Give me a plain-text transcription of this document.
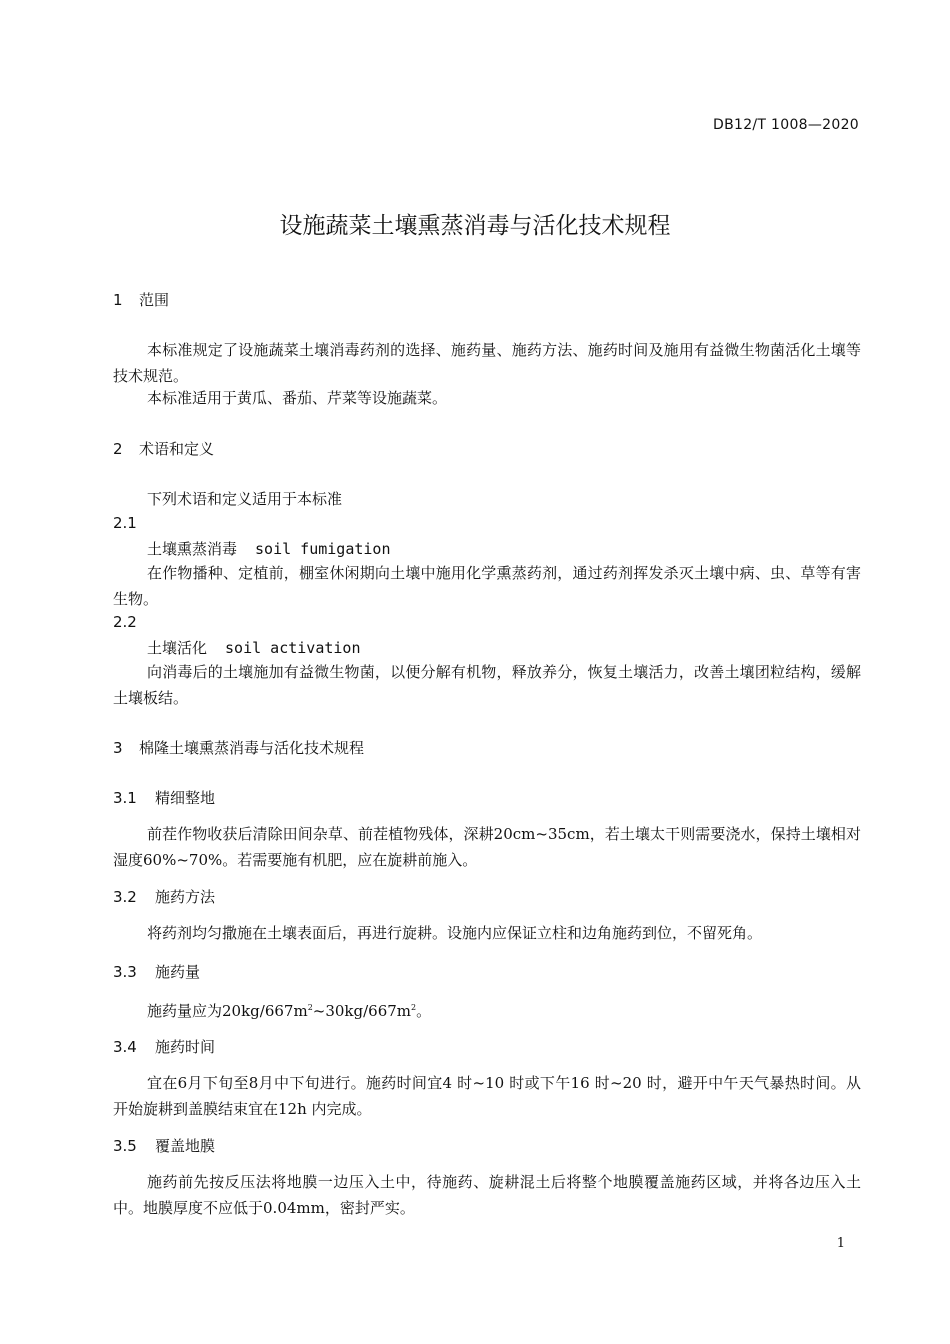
DB12/T 1008—2020
设施蔬菜土壤熏蒸消毒与活化技术规程
1 范围
本标准规定了设施蔬菜土壤消毒药剂的选择、施药量、施药方法、施药时间及施用有益微生物菌活化土壤等技术规范。
本标准适用于黄瓜、番茄、芹菜等设施蔬菜。
2 术语和定义
下列术语和定义适用于本标准
2.1
土壤熏蒸消毒 soil fumigation
在作物播种、定植前，棚室休闲期向土壤中施用化学熏蒸药剂，通过药剂挥发杀灭土壤中病、虫、草等有害生物。
2.2
土壤活化 soil activation
向消毒后的土壤施加有益微生物菌，以便分解有机物，释放养分，恢复土壤活力，改善土壤团粒结构，缓解土壤板结。
3 棉隆土壤熏蒸消毒与活化技术规程
3.1 精细整地
前茬作物收获后清除田间杂草、前茬植物残体，深耕20cm~35cm，若土壤太干则需要浇水，保持土壤相对湿度60%~70%。若需要施有机肥，应在旋耕前施入。
3.2 施药方法
将药剂均匀撒施在土壤表面后，再进行旋耕。设施内应保证立柱和边角施药到位，不留死角。
3.3 施药量
施药量应为$20kg/667m^2\sim 30kg/667m^2$。
3.4 施药时间
宜在6月下旬至8月中下旬进行。施药时间宜4 时~10 时或下午16 时~20 时，避开中午天气暴热时间。从开始旋耕到盖膜结束宜在12h 内完成。
3.5 覆盖地膜
施药前先按反压法将地膜一边压入土中，待施药、旋耕混土后将整个地膜覆盖施药区域，并将各边压入土中。地膜厚度不应低于0.04mm，密封严实。
1
